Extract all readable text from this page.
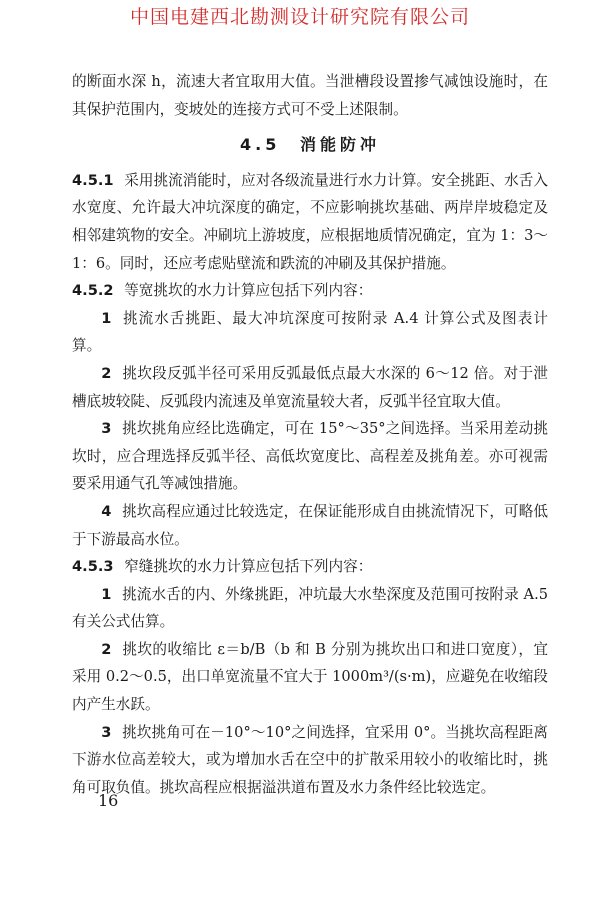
中国电建西北勘测设计研究院有限公司

的断面水深 h，流速大者宜取用大值。当泄槽段设置掺气减蚀设施时，在其保护范围内，变坡处的连接方式可不受上述限制。

4.5 消能防冲

4.5.1 采用挑流消能时，应对各级流量进行水力计算。安全挑距、水舌入水宽度、允许最大冲坑深度的确定，不应影响挑坎基础、两岸岸坡稳定及相邻建筑物的安全。冲刷坑上游坡度，应根据地质情况确定，宜为 1：3～1：6。同时，还应考虑贴壁流和跌流的冲刷及其保护措施。

4.5.2 等宽挑坎的水力计算应包括下列内容：

1 挑流水舌挑距、最大冲坑深度可按附录 A.4 计算公式及图表计算。

2 挑坎段反弧半径可采用反弧最低点最大水深的 6～12 倍。对于泄槽底坡较陡、反弧段内流速及单宽流量较大者，反弧半径宜取大值。

3 挑坎挑角应经比选确定，可在 15°～35°之间选择。当采用差动挑坎时，应合理选择反弧半径、高低坎宽度比、高程差及挑角差。亦可视需要采用通气孔等减蚀措施。

4 挑坎高程应通过比较选定，在保证能形成自由挑流情况下，可略低于下游最高水位。

4.5.3 窄缝挑坎的水力计算应包括下列内容：

1 挑流水舌的内、外缘挑距，冲坑最大水垫深度及范围可按附录 A.5 有关公式估算。

2 挑坎的收缩比 ε＝b/B（b 和 B 分别为挑坎出口和进口宽度），宜采用 0.2～0.5，出口单宽流量不宜大于 1000m³/(s·m)，应避免在收缩段内产生水跃。

3 挑坎挑角可在－10°～10°之间选择，宜采用 0°。当挑坎高程距离下游水位高差较大，或为增加水舌在空中的扩散采用较小的收缩比时，挑角可取负值。挑坎高程应根据溢洪道布置及水力条件经比较选定。

16
